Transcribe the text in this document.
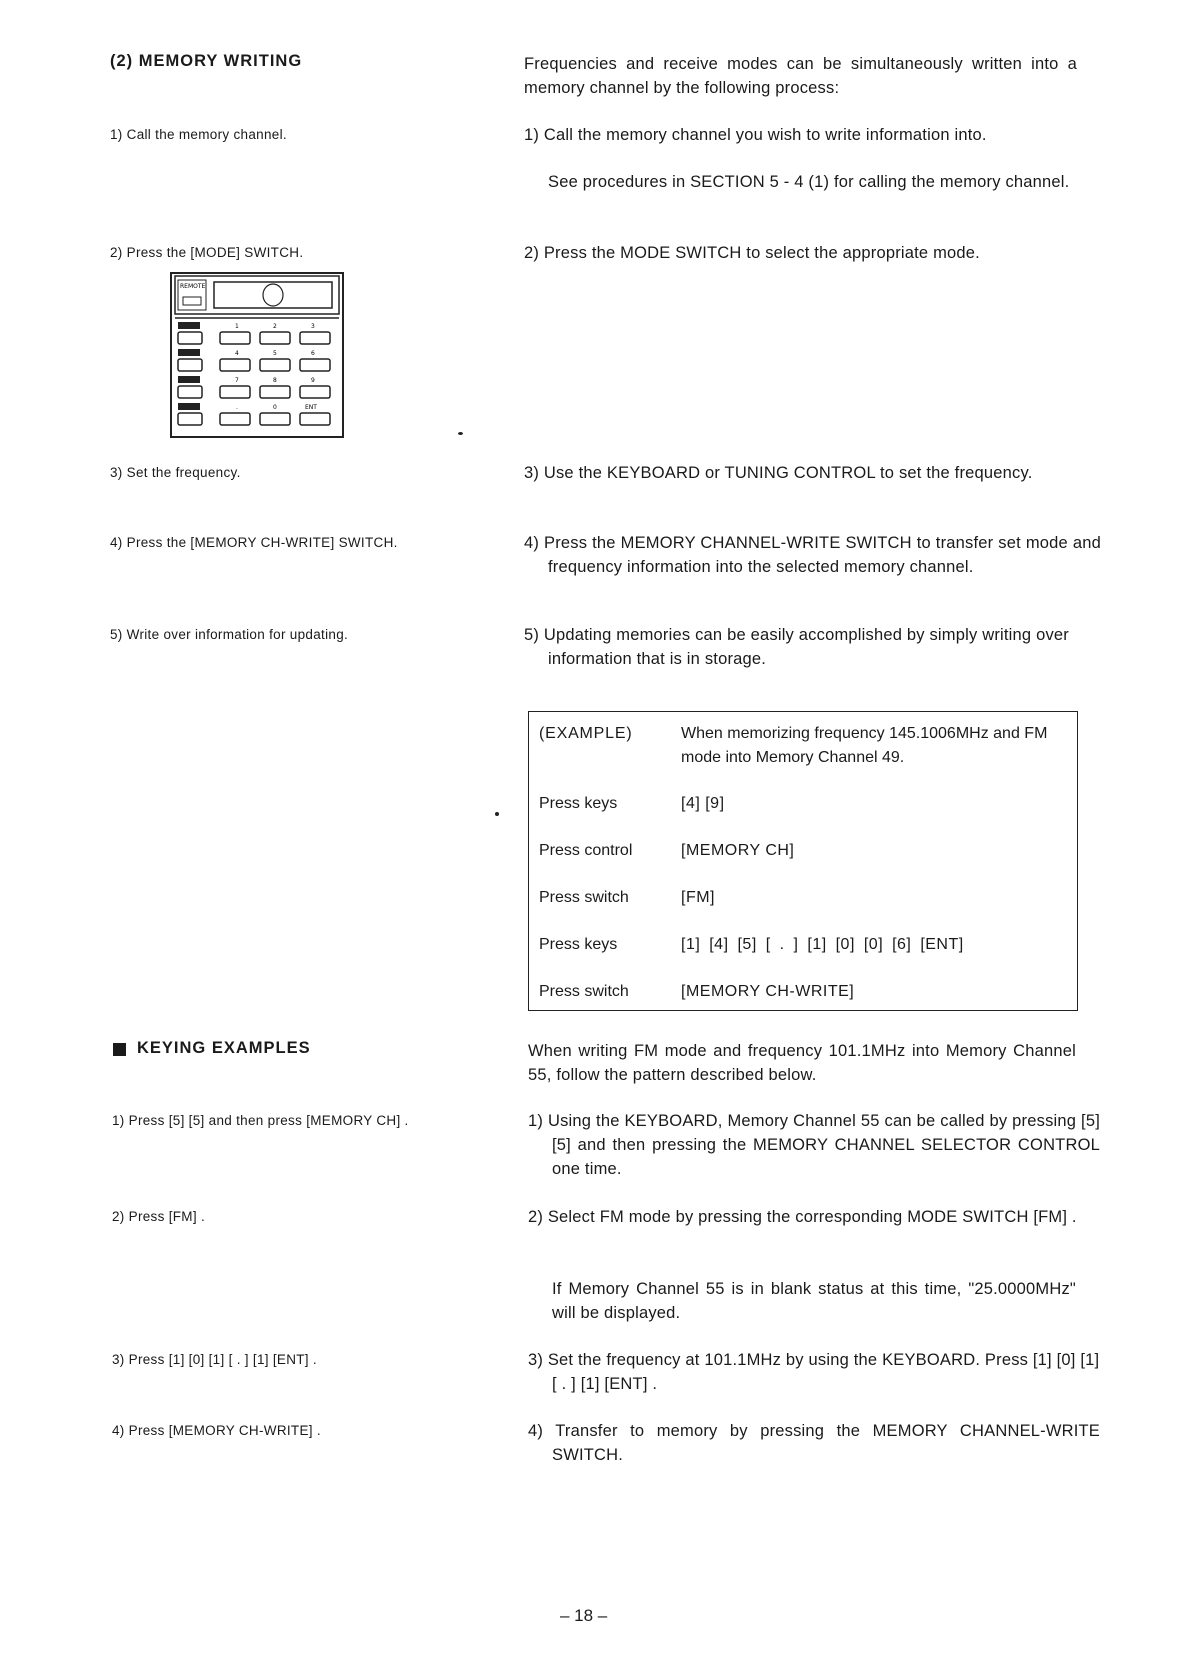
(2) MEMORY WRITING	Frequencies and receive modes can be simultaneously written into a memory channel by the following process:
1) Call the memory channel.	1) Call the memory channel you wish to write information into.
See procedures in SECTION 5 - 4 (1) for calling the memory channel.
2) Press the [MODE] SWITCH.	2) Press the MODE SWITCH to select the appropriate mode.
REMOTE
1	2	3
4	5	6
7	8	9
.	0	ENT
3) Set the frequency.	3) Use the KEYBOARD or TUNING CONTROL to set the frequency.
4) Press the [MEMORY CH-WRITE] SWITCH.	4) Press the MEMORY CHANNEL-WRITE SWITCH to transfer set mode and frequency information into the selected memory channel.
5) Write over information for updating.	5) Updating memories can be easily accomplished by simply writing over information that is in storage.
(EXAMPLE)	When memorizing frequency 145.1006MHz and FM mode into Memory Channel 49.
Press keys	[4] [9]
Press control	[MEMORY CH]
Press switch	[FM]
Press keys	[1] [4] [5] [ . ] [1] [0] [0] [6] [ENT]
Press switch	[MEMORY CH-WRITE]
KEYING EXAMPLES	When writing FM mode and frequency 101.1MHz into Memory Channel 55, follow the pattern described below.
1) Press [5] [5] and then press [MEMORY CH] .	1) Using the KEYBOARD, Memory Channel 55 can be called by pressing [5] [5] and then pressing the MEMORY CHANNEL SELECTOR CONTROL one time.
2) Press [FM] .	2) Select FM mode by pressing the corresponding MODE SWITCH [FM] .
If Memory Channel 55 is in blank status at this time, "25.0000MHz" will be displayed.
3) Press [1] [0] [1] [ . ] [1] [ENT] .	3) Set the frequency at 101.1MHz by using the KEYBOARD. Press [1] [0] [1] [ . ] [1] [ENT] .
4) Press [MEMORY CH-WRITE] .	4) Transfer to memory by pressing the MEMORY CHANNEL-WRITE SWITCH.
– 18 –
